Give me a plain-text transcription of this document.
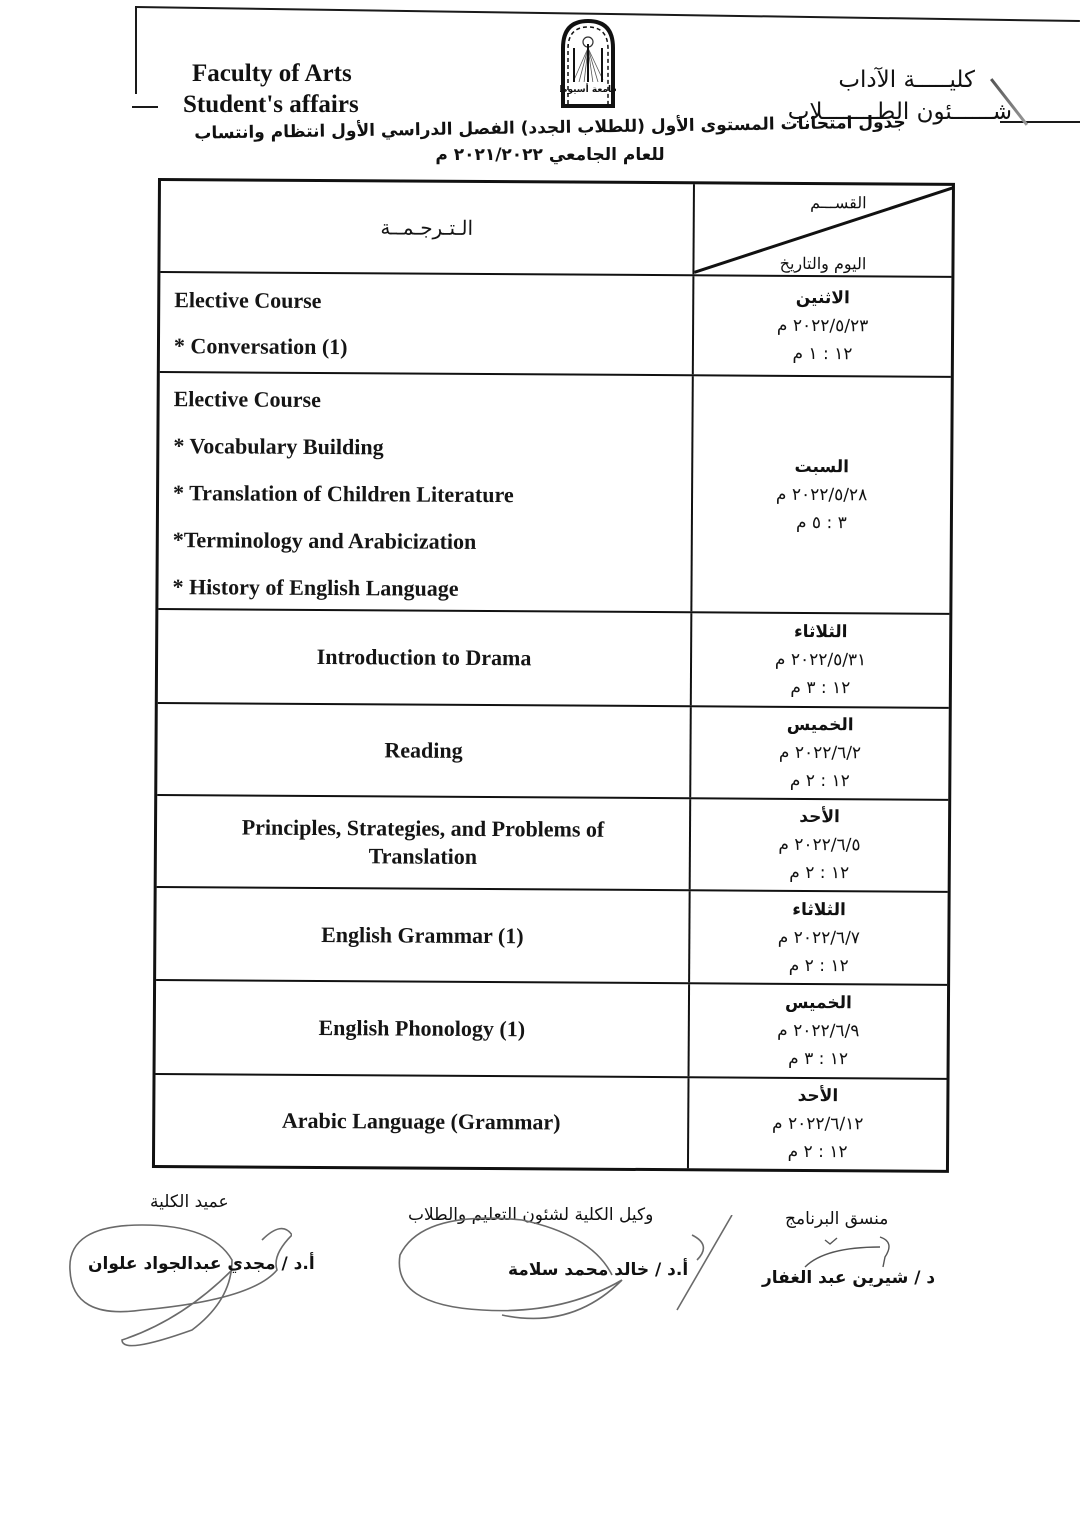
Faculty of Arts
Student's affairs
كليـــــة الآداب
شــــــئون الطــــــــلاب
جامعة أسيوط
جدول امتحانات المستوى الأول (للطلاب الجدد) الفصل الدراسي الأول انتظام وانتساب
للعام الجامعي ٢٠٢١/٢٠٢٢ م
الـتـرجـمــة
القســـم
اليوم والتاريخ
Elective Course
* Conversation (1)
الاثنين
٢٠٢٢/٥/٢٣ م
١٢ : ١ م
Elective Course
* Vocabulary Building
* Translation of Children Literature
*Terminology and Arabicization
* History of English Language
السبت
٢٠٢٢/٥/٢٨ م
٣ : ٥ م
Introduction to Drama
الثلاثاء
٢٠٢٢/٥/٣١ م
١٢ : ٣ م
Reading
الخميس
٢٠٢٢/٦/٢ م
١٢ : ٢ م
Principles, Strategies, and Problems of Translation
الأحد
٢٠٢٢/٦/٥ م
١٢ : ٢ م
English Grammar (1)
الثلاثاء
٢٠٢٢/٦/٧ م
١٢ : ٢ م
English Phonology (1)
الخميس
٢٠٢٢/٦/٩ م
١٢ : ٣ م
Arabic Language (Grammar)
الأحد
٢٠٢٢/٦/١٢ م
١٢ : ٢ م
عميد الكلية
أ.د / مجدي عبدالجواد علوان
وكيل الكلية لشئون التعليم والطلاب
أ.د / خالد محمد سلامة
منسق البرنامج
د / شيرين عبد الغفار
